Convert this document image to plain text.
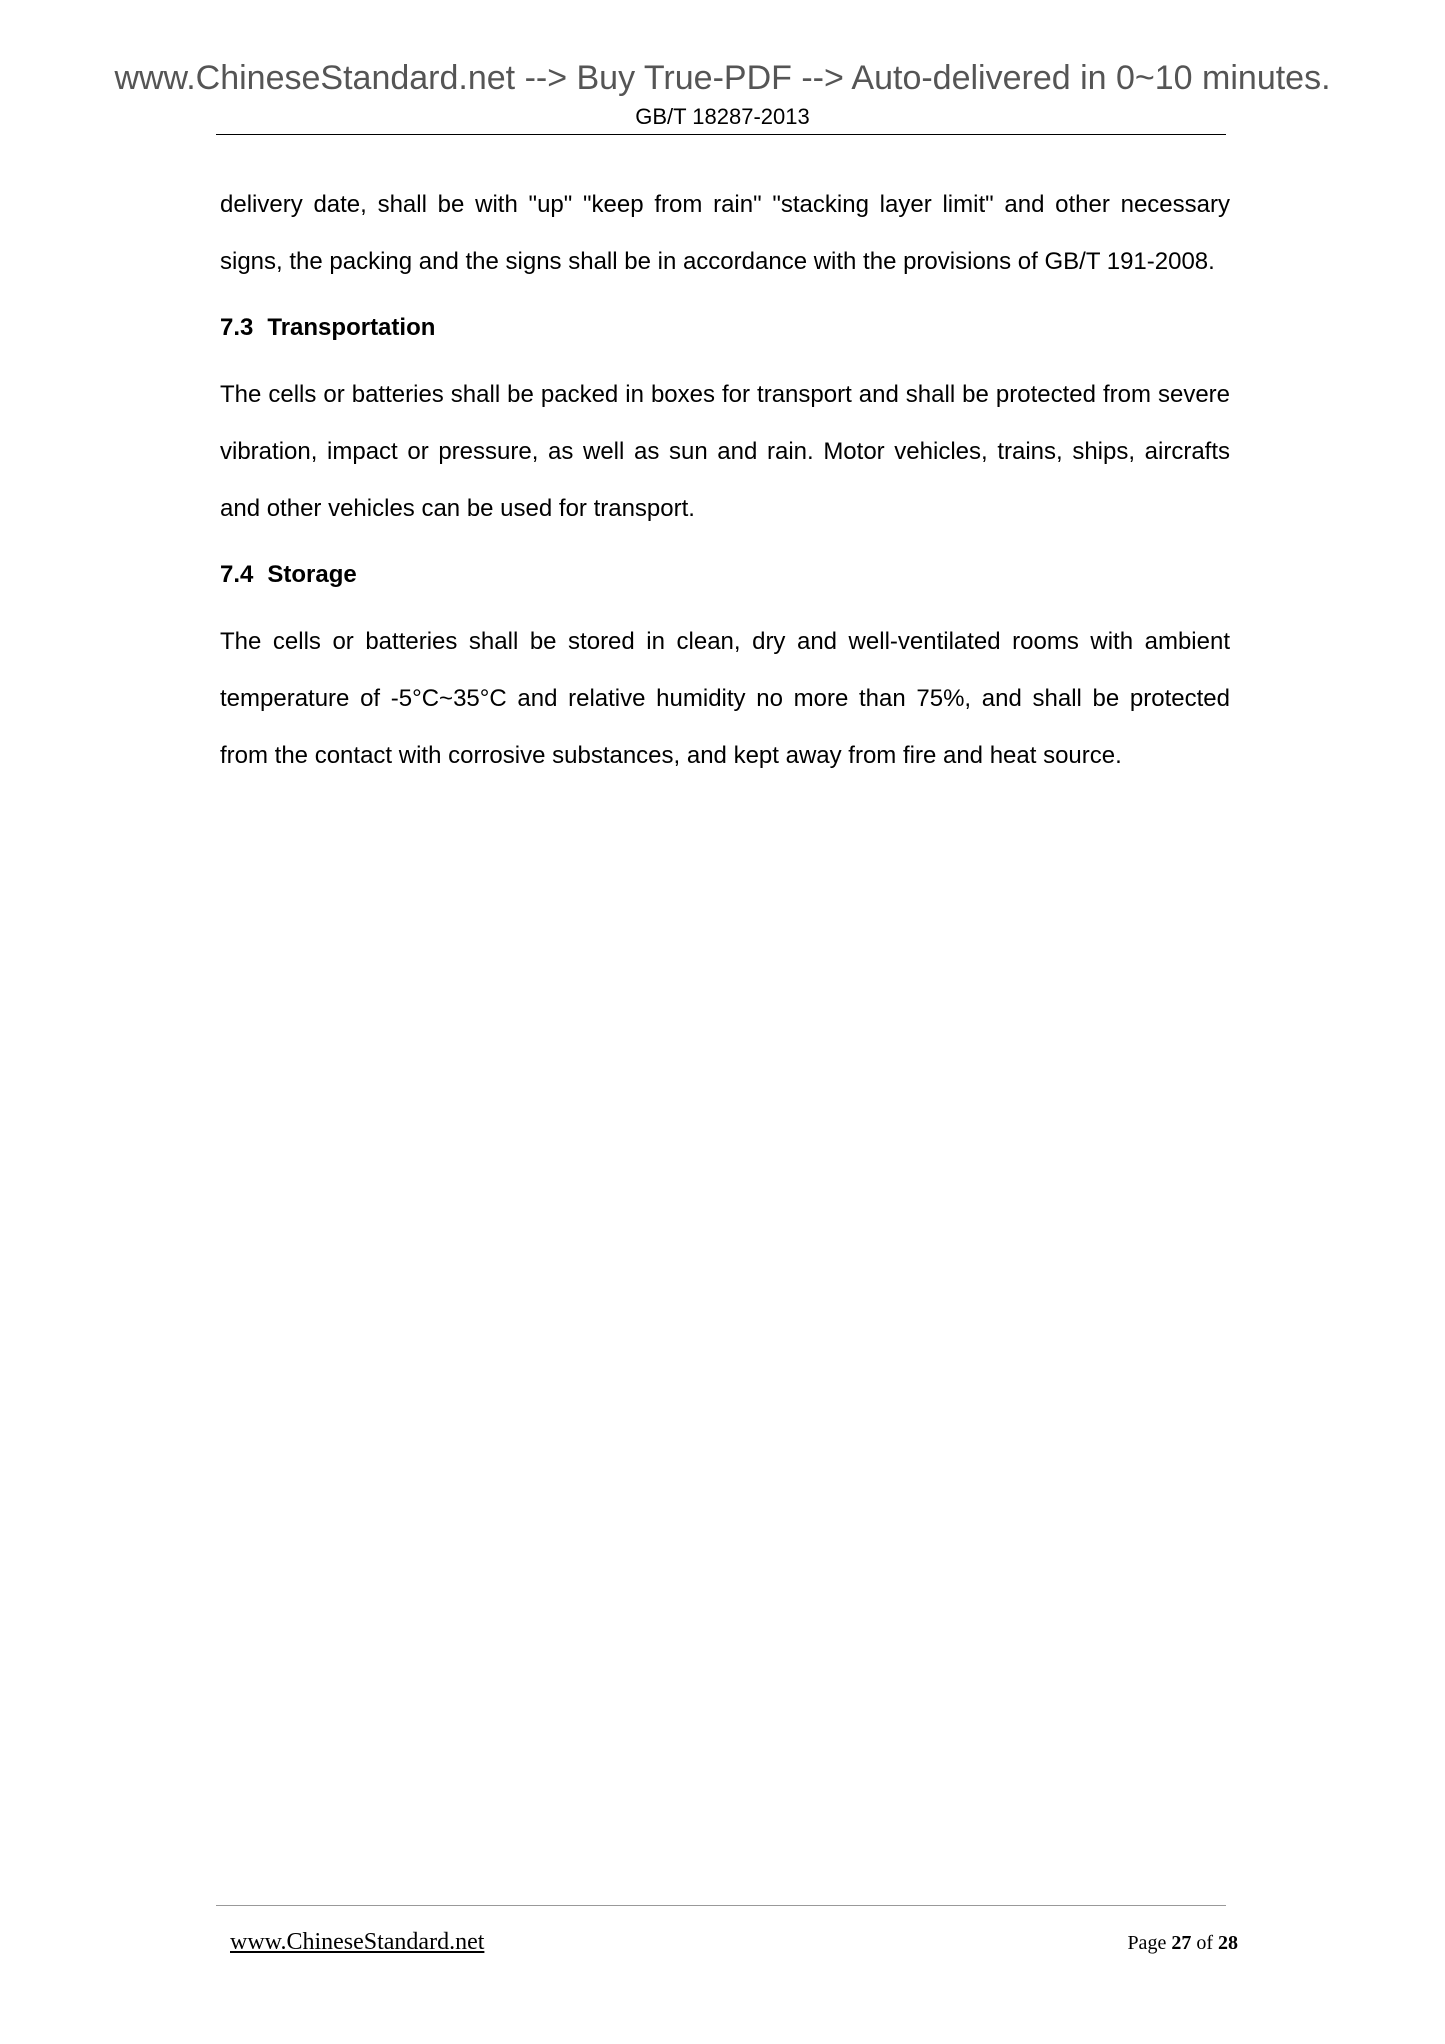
www.ChineseStandard.net --> Buy True-PDF --> Auto-delivered in 0~10 minutes.
GB/T 18287-2013

delivery date, shall be with "up" "keep from rain" "stacking layer limit" and other necessary signs, the packing and the signs shall be in accordance with the provisions of GB/T 191-2008.

7.3 Transportation

The cells or batteries shall be packed in boxes for transport and shall be protected from severe vibration, impact or pressure, as well as sun and rain. Motor vehicles, trains, ships, aircrafts and other vehicles can be used for transport.

7.4 Storage

The cells or batteries shall be stored in clean, dry and well-ventilated rooms with ambient temperature of -5°C~35°C and relative humidity no more than 75%, and shall be protected from the contact with corrosive substances, and kept away from fire and heat source.

www.ChineseStandard.net	Page 27 of 28
